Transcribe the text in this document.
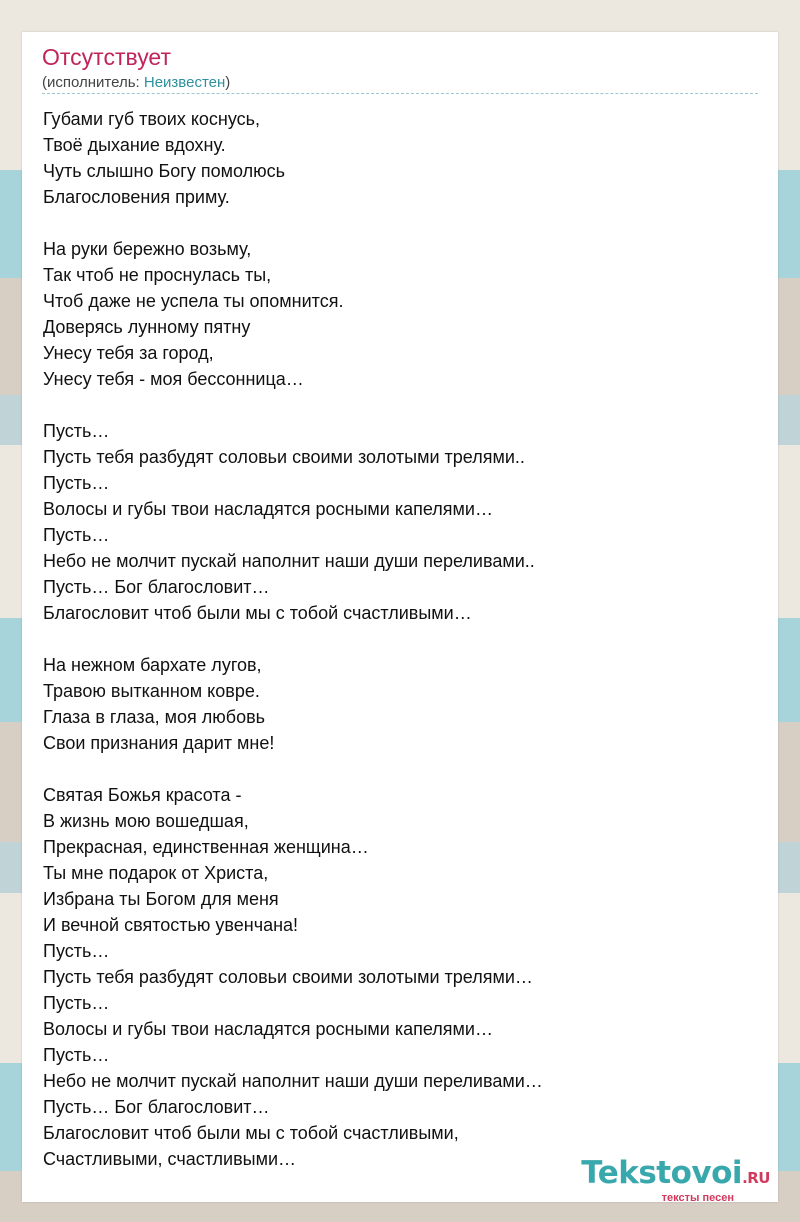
Отсутствует
(исполнитель: Неизвестен)
Губами губ твоих коснусь,
Твоё дыхание вдохну.
Чуть слышно Богу помолюсь
Благословения приму.
На руки бережно возьму,
Так чтоб не проснулась ты,
Чтоб даже не успела ты опомнится.
Доверясь лунному пятну
Унесу тебя за город,
Унесу тебя - моя бессонница…
Пусть…
Пусть тебя разбудят соловьи своими золотыми трелями..
Пусть…
Волосы и губы твои насладятся росными капелями…
Пусть…
Небо не молчит пускай наполнит наши души переливами..
Пусть… Бог благословит…
Благословит чтоб были мы с тобой счастливыми…
На нежном бархате лугов,
Травою вытканном ковре.
Глаза в глаза, моя любовь
Свои признания дарит мне!
Святая Божья красота -
В жизнь мою вошедшая,
Прекрасная, единственная женщина…
Ты мне подарок от Христа,
Избрана ты Богом для меня
И вечной святостью увенчана!
Пусть…
Пусть тебя разбудят соловьи своими золотыми трелями…
Пусть…
Волосы и губы твои насладятся росными капелями…
Пусть…
Небо не молчит пускай наполнит наши души переливами…
Пусть… Бог благословит…
Благословит чтоб были мы с тобой счастливыми,
Счастливыми, счастливыми…	Tekstovoi.RU
тексты песен
